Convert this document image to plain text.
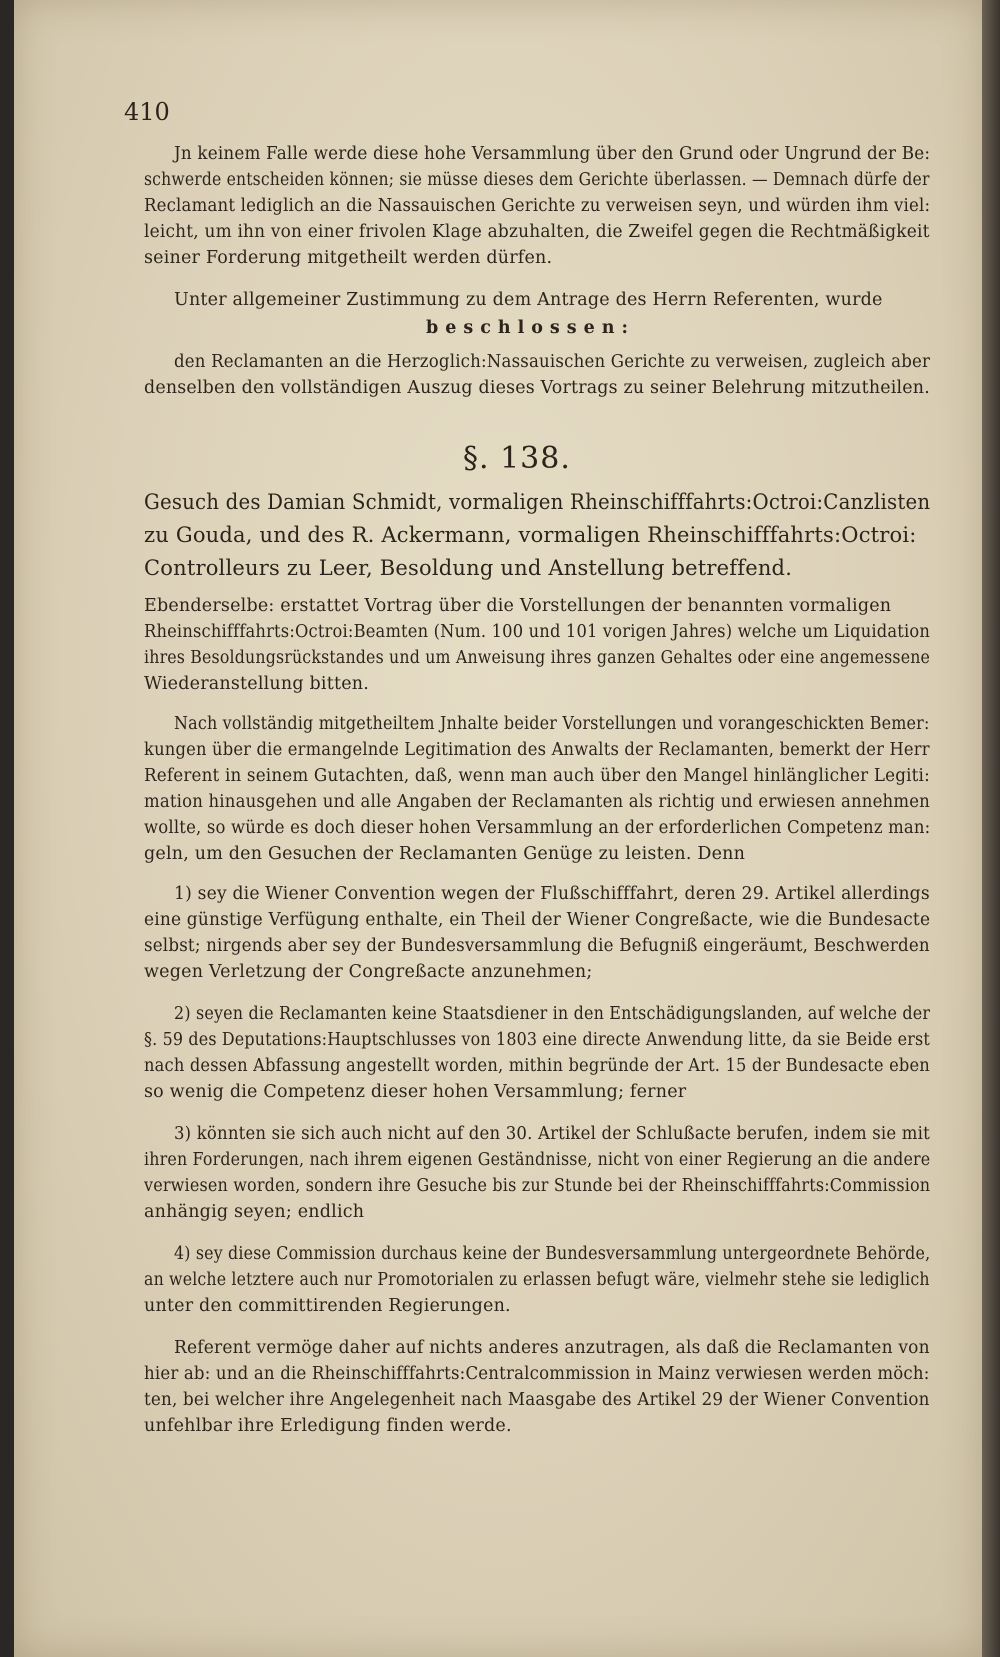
410
Jn keinem Falle werde diese hohe Versammlung über den Grund oder Ungrund der Be:
schwerde entscheiden können; sie müsse dieses dem Gerichte überlassen. — Demnach dürfe der
Reclamant lediglich an die Nassauischen Gerichte zu verweisen seyn, und würden ihm viel:
leicht, um ihn von einer frivolen Klage abzuhalten, die Zweifel gegen die Rechtmäßigkeit
seiner Forderung mitgetheilt werden dürfen.
Unter allgemeiner Zustimmung zu dem Antrage des Herrn Referenten, wurde
beschlossen:
den Reclamanten an die Herzoglich:Nassauischen Gerichte zu verweisen, zugleich aber
denselben den vollständigen Auszug dieses Vortrags zu seiner Belehrung mitzutheilen.
§. 138.
Gesuch des Damian Schmidt, vormaligen Rheinschifffahrts:Octroi:Canzlisten
zu Gouda, und des R. Ackermann, vormaligen Rheinschifffahrts:Octroi:
Controlleurs zu Leer, Besoldung und Anstellung betreffend.
Ebenderselbe: erstattet Vortrag über die Vorstellungen der benannten vormaligen
Rheinschifffahrts:Octroi:Beamten (Num. 100 und 101 vorigen Jahres) welche um Liquidation
ihres Besoldungsrückstandes und um Anweisung ihres ganzen Gehaltes oder eine angemessene
Wiederanstellung bitten.
Nach vollständig mitgetheiltem Jnhalte beider Vorstellungen und vorangeschickten Bemer:
kungen über die ermangelnde Legitimation des Anwalts der Reclamanten, bemerkt der Herr
Referent in seinem Gutachten, daß, wenn man auch über den Mangel hinlänglicher Legiti:
mation hinausgehen und alle Angaben der Reclamanten als richtig und erwiesen annehmen
wollte, so würde es doch dieser hohen Versammlung an der erforderlichen Competenz man:
geln, um den Gesuchen der Reclamanten Genüge zu leisten. Denn
1) sey die Wiener Convention wegen der Flußschifffahrt, deren 29. Artikel allerdings
eine günstige Verfügung enthalte, ein Theil der Wiener Congreßacte, wie die Bundesacte
selbst; nirgends aber sey der Bundesversammlung die Befugniß eingeräumt, Beschwerden
wegen Verletzung der Congreßacte anzunehmen;
2) seyen die Reclamanten keine Staatsdiener in den Entschädigungslanden, auf welche der
§. 59 des Deputations:Hauptschlusses von 1803 eine directe Anwendung litte, da sie Beide erst
nach dessen Abfassung angestellt worden, mithin begründe der Art. 15 der Bundesacte eben
so wenig die Competenz dieser hohen Versammlung; ferner
3) könnten sie sich auch nicht auf den 30. Artikel der Schlußacte berufen, indem sie mit
ihren Forderungen, nach ihrem eigenen Geständnisse, nicht von einer Regierung an die andere
verwiesen worden, sondern ihre Gesuche bis zur Stunde bei der Rheinschifffahrts:Commission
anhängig seyen; endlich
4) sey diese Commission durchaus keine der Bundesversammlung untergeordnete Behörde,
an welche letztere auch nur Promotorialen zu erlassen befugt wäre, vielmehr stehe sie lediglich
unter den committirenden Regierungen.
Referent vermöge daher auf nichts anderes anzutragen, als daß die Reclamanten von
hier ab: und an die Rheinschifffahrts:Centralcommission in Mainz verwiesen werden möch:
ten, bei welcher ihre Angelegenheit nach Maasgabe des Artikel 29 der Wiener Convention
unfehlbar ihre Erledigung finden werde.
